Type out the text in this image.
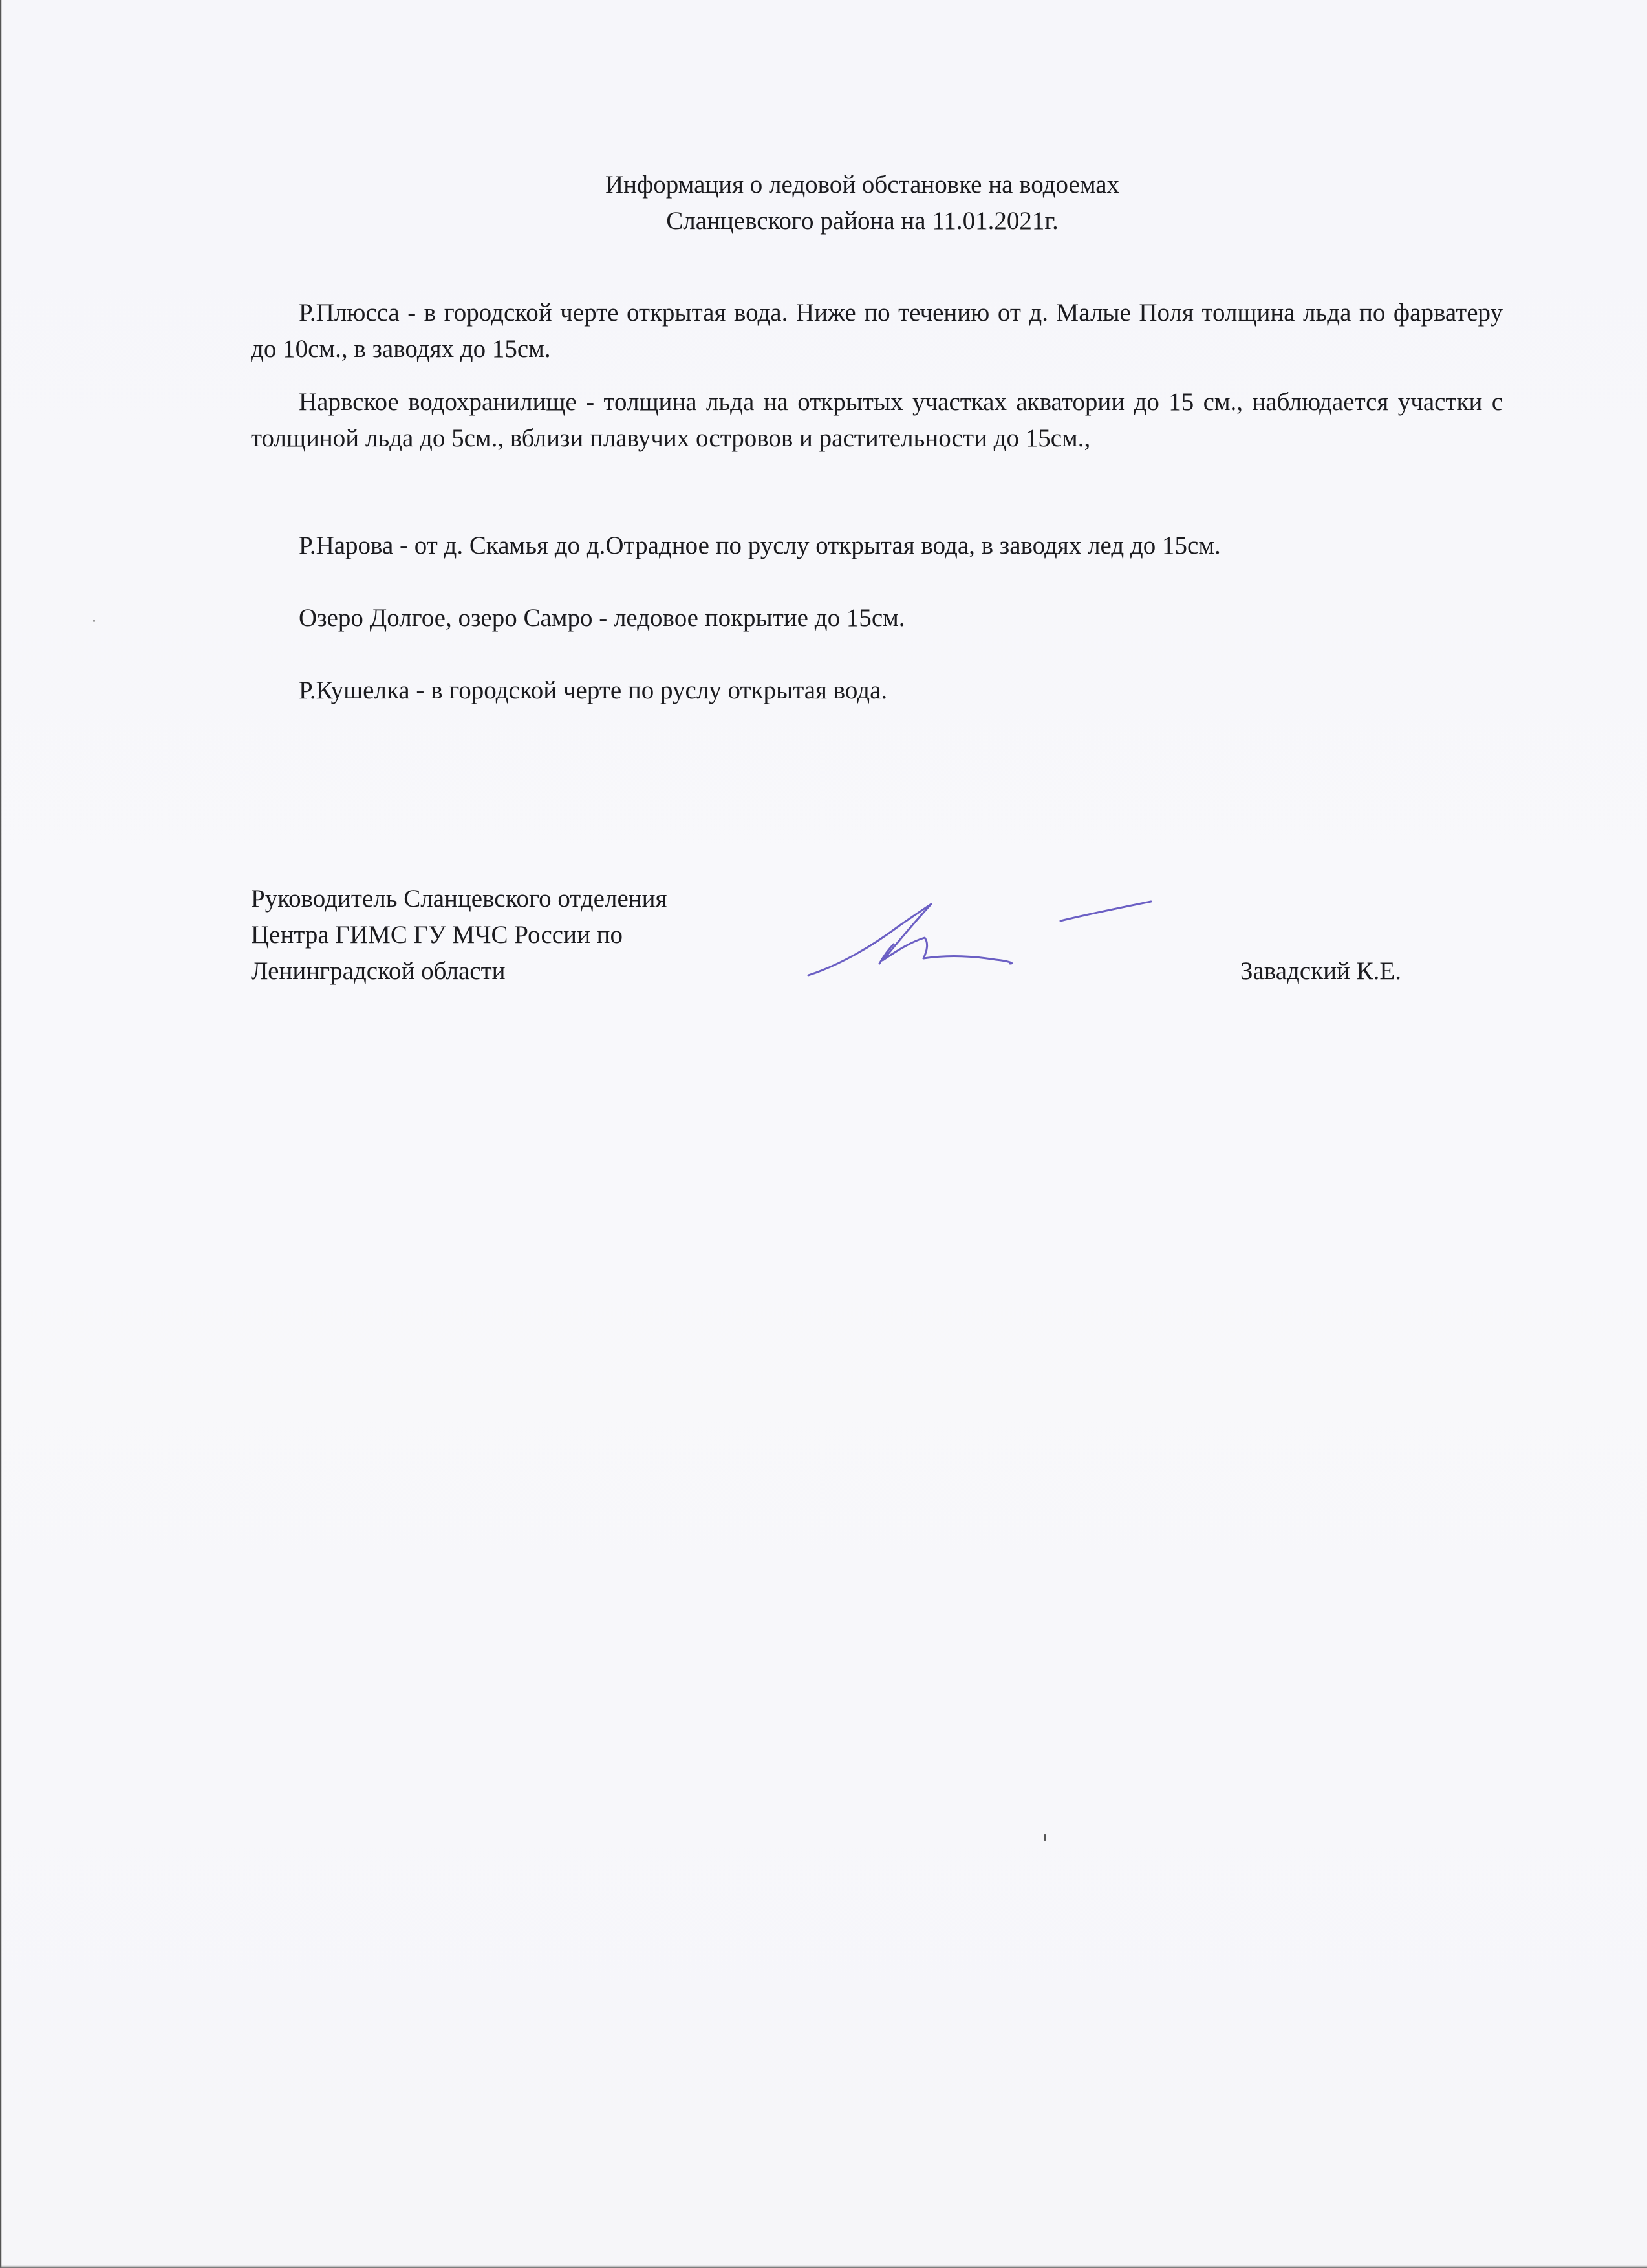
Информация о ледовой обстановке на водоемах
Сланцевского района на 11.01.2021г.

Р.Плюсса - в городской черте открытая вода. Ниже по течению от д. Малые Поля толщина льда по фарватеру до 10см., в заводях до 15см.

Нарвское водохранилище - толщина льда на открытых участках акватории до 15 см., наблюдается участки с толщиной льда до 5см., вблизи плавучих островов и растительности до 15см.,

Р.Нарова - от д. Скамья до д.Отрадное по руслу открытая вода, в заводях лед до 15см.

Озеро Долгое, озеро Самро - ледовое покрытие до 15см.

Р.Кушелка - в городской черте по руслу открытая вода.

Руководитель Сланцевского отделения
Центра ГИМС ГУ МЧС России по
Ленинградской области	Завадский К.Е.
